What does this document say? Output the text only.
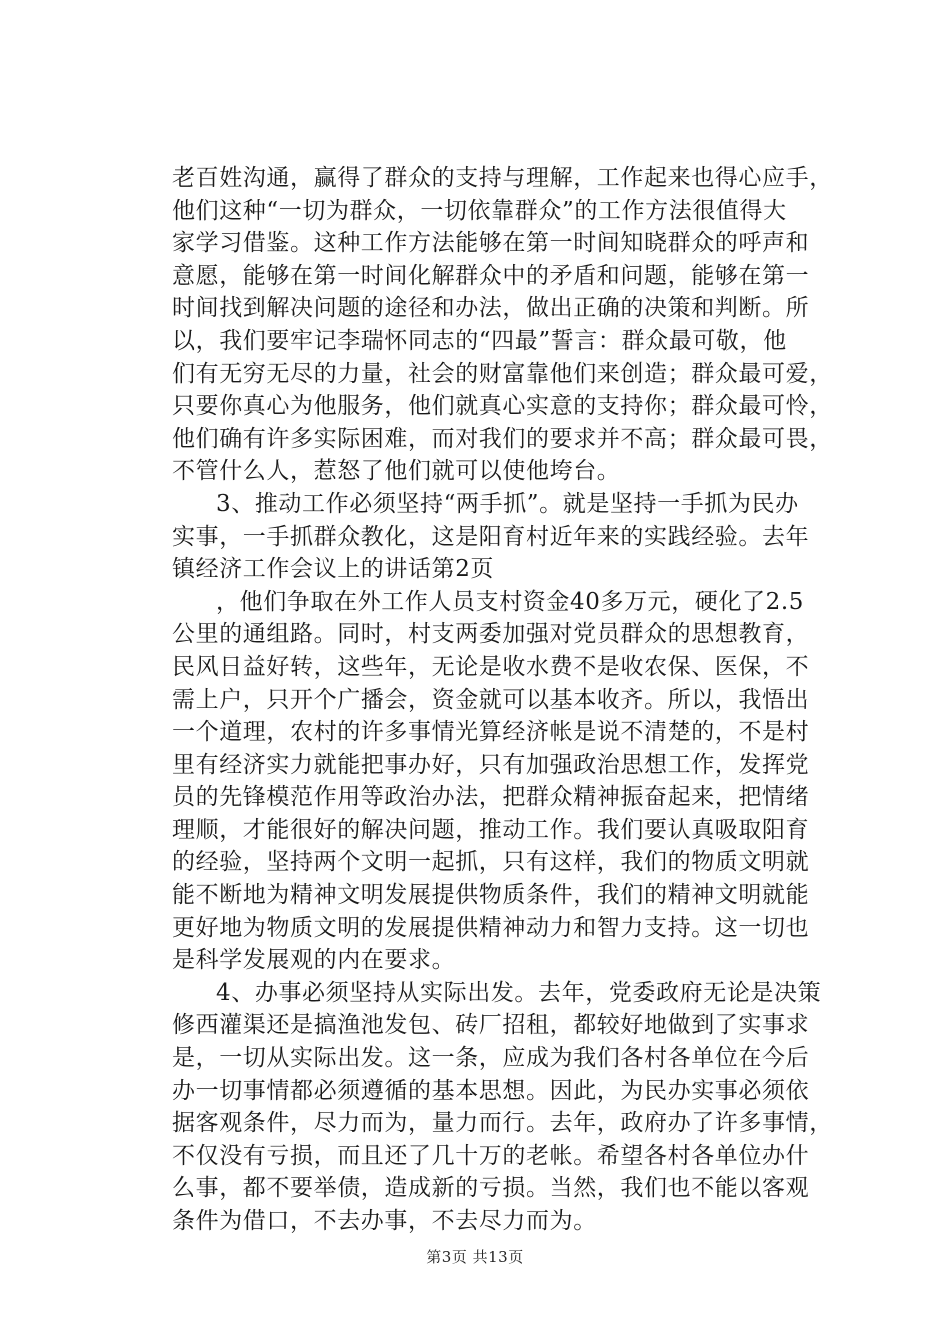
老百姓沟通，赢得了群众的支持与理解，工作起来也得心应手，
他们这种“一切为群众，一切依靠群众”的工作方法很值得大
家学习借鉴。这种工作方法能够在第一时间知晓群众的呼声和
意愿，能够在第一时间化解群众中的矛盾和问题，能够在第一
时间找到解决问题的途径和办法，做出正确的决策和判断。所
以，我们要牢记李瑞怀同志的“四最”誓言：群众最可敬，他
们有无穷无尽的力量，社会的财富靠他们来创造；群众最可爱，
只要你真心为他服务，他们就真心实意的支持你；群众最可怜，
他们确有许多实际困难，而对我们的要求并不高；群众最可畏，
不管什么人，惹怒了他们就可以使他垮台。
3、推动工作必须坚持“两手抓”。就是坚持一手抓为民办
实事，一手抓群众教化，这是阳育村近年来的实践经验。去年
镇经济工作会议上的讲话第2页
，他们争取在外工作人员支村资金40多万元，硬化了2.5
公里的通组路。同时，村支两委加强对党员群众的思想教育，
民风日益好转，这些年，无论是收水费不是收农保、医保，不
需上户，只开个广播会，资金就可以基本收齐。所以，我悟出
一个道理，农村的许多事情光算经济帐是说不清楚的，不是村
里有经济实力就能把事办好，只有加强政治思想工作，发挥党
员的先锋模范作用等政治办法，把群众精神振奋起来，把情绪
理顺，才能很好的解决问题，推动工作。我们要认真吸取阳育
的经验，坚持两个文明一起抓，只有这样，我们的物质文明就
能不断地为精神文明发展提供物质条件，我们的精神文明就能
更好地为物质文明的发展提供精神动力和智力支持。这一切也
是科学发展观的内在要求。
4、办事必须坚持从实际出发。去年，党委政府无论是决策
修西灌渠还是搞渔池发包、砖厂招租，都较好地做到了实事求
是，一切从实际出发。这一条，应成为我们各村各单位在今后
办一切事情都必须遵循的基本思想。因此，为民办实事必须依
据客观条件，尽力而为，量力而行。去年，政府办了许多事情，
不仅没有亏损，而且还了几十万的老帐。希望各村各单位办什
么事，都不要举债，造成新的亏损。当然，我们也不能以客观
条件为借口，不去办事，不去尽力而为。
第3页 共13页
